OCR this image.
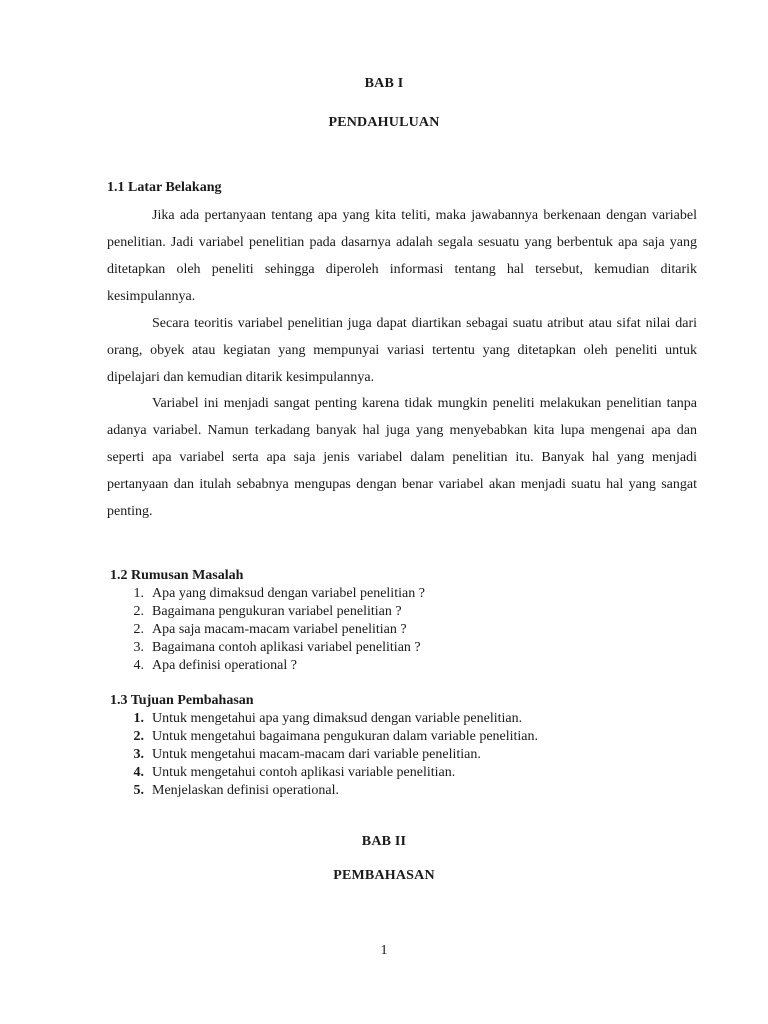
BAB I
PENDAHULUAN
1.1 Latar Belakang

Jika ada pertanyaan tentang apa yang kita teliti, maka jawabannya berkenaan dengan variabel penelitian. Jadi variabel penelitian pada dasarnya adalah segala sesuatu yang berbentuk apa saja yang ditetapkan oleh peneliti sehingga diperoleh informasi tentang hal tersebut, kemudian ditarik kesimpulannya.

Secara teoritis variabel penelitian juga dapat diartikan sebagai suatu atribut atau sifat nilai dari orang, obyek atau kegiatan yang mempunyai variasi tertentu yang ditetapkan oleh peneliti untuk dipelajari dan kemudian ditarik kesimpulannya.

Variabel ini menjadi sangat penting karena tidak mungkin peneliti melakukan penelitian tanpa adanya variabel. Namun terkadang banyak hal juga yang menyebabkan kita lupa mengenai apa dan seperti apa variabel serta apa saja jenis variabel dalam penelitian itu. Banyak hal yang menjadi pertanyaan dan itulah sebabnya mengupas dengan benar variabel akan menjadi suatu hal yang sangat penting.

1.2 Rumusan Masalah
1. Apa yang dimaksud dengan variabel penelitian ?
2. Bagaimana pengukuran variabel penelitian ?
2. Apa saja macam-macam variabel penelitian ?
3. Bagaimana contoh aplikasi variabel penelitian ?
4. Apa definisi operational ?
1.3 Tujuan Pembahasan
1. Untuk mengetahui apa yang dimaksud dengan variable penelitian.
2. Untuk mengetahui bagaimana pengukuran dalam variable penelitian.
3. Untuk mengetahui macam-macam dari variable penelitian.
4. Untuk mengetahui contoh aplikasi variable penelitian.
5. Menjelaskan definisi operational.
BAB II
PEMBAHASAN
1
